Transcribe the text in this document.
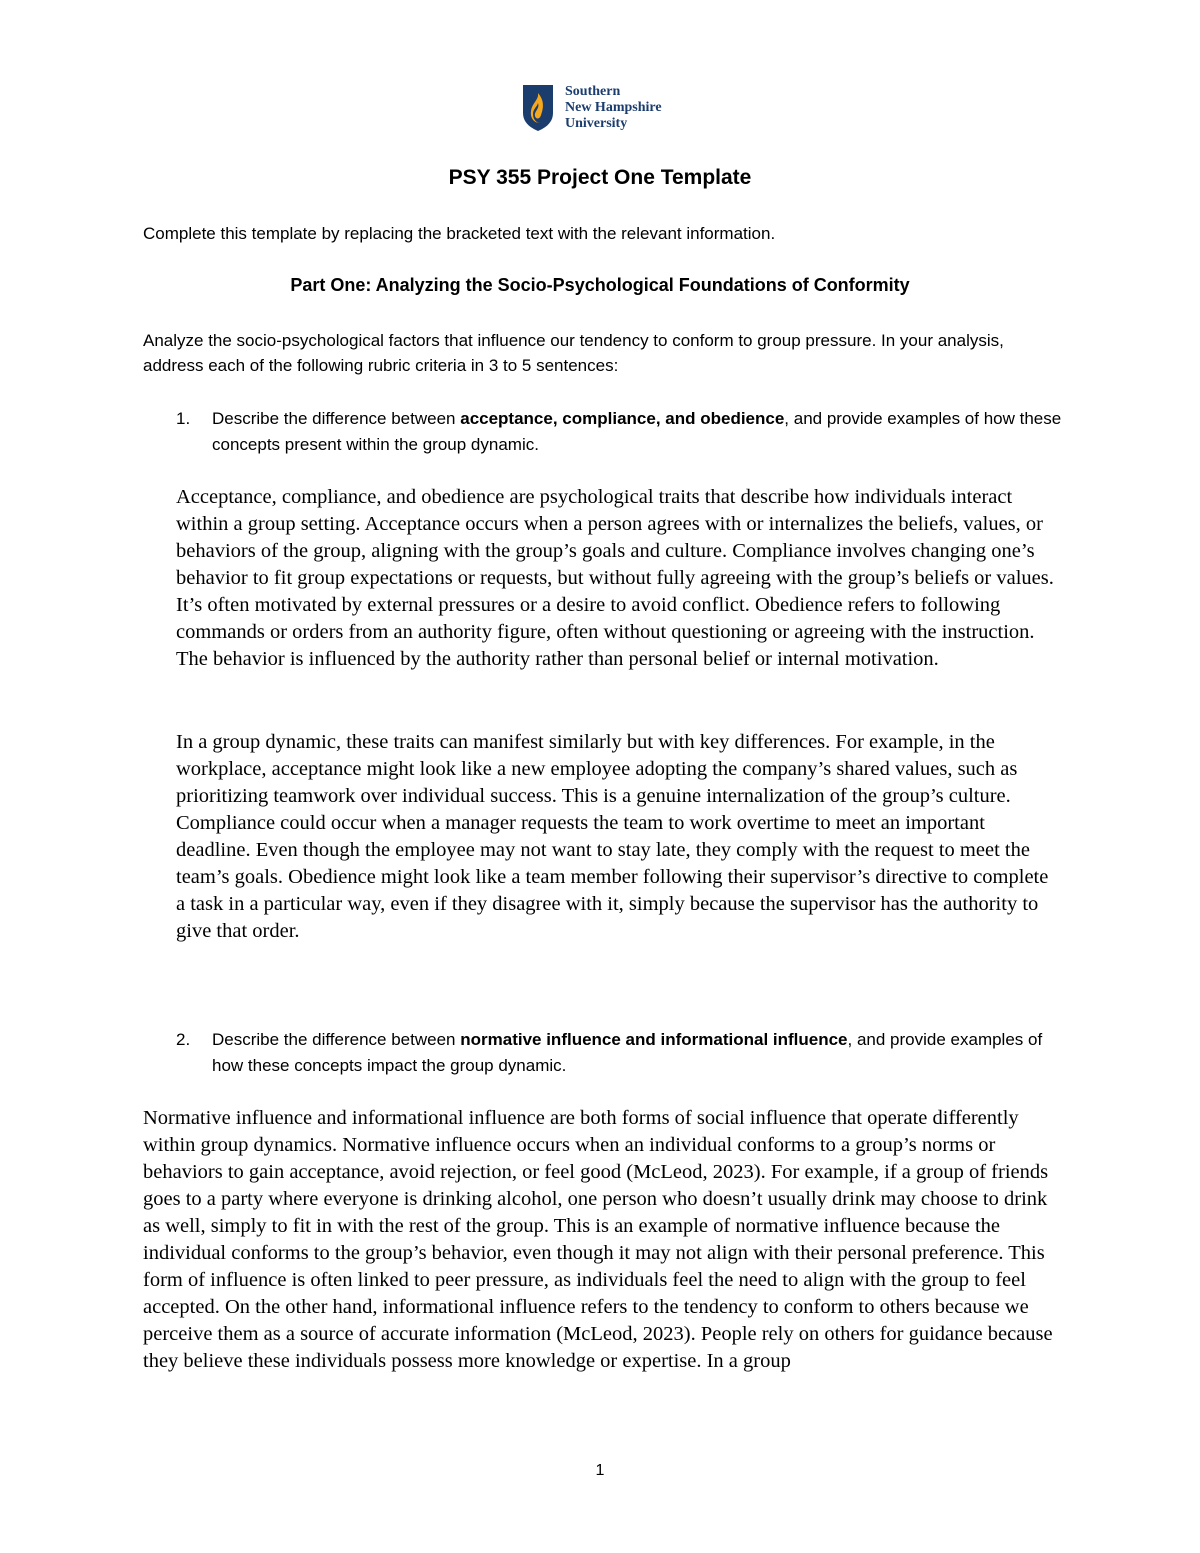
Southern
New Hampshire
University
PSY 355 Project One Template
Complete this template by replacing the bracketed text with the relevant information.
Part One: Analyzing the Socio-Psychological Foundations of Conformity
Analyze the socio-psychological factors that influence our tendency to conform to group pressure. In your analysis, address each of the following rubric criteria in 3 to 5 sentences:
1. Describe the difference between acceptance, compliance, and obedience, and provide examples of how these concepts present within the group dynamic.
Acceptance, compliance, and obedience are psychological traits that describe how individuals interact within a group setting. Acceptance occurs when a person agrees with or internalizes the beliefs, values, or behaviors of the group, aligning with the group’s goals and culture. Compliance involves changing one’s behavior to fit group expectations or requests, but without fully agreeing with the group’s beliefs or values. It’s often motivated by external pressures or a desire to avoid conflict. Obedience refers to following commands or orders from an authority figure, often without questioning or agreeing with the instruction. The behavior is influenced by the authority rather than personal belief or internal motivation.
In a group dynamic, these traits can manifest similarly but with key differences. For example, in the workplace, acceptance might look like a new employee adopting the company’s shared values, such as prioritizing teamwork over individual success. This is a genuine internalization of the group’s culture. Compliance could occur when a manager requests the team to work overtime to meet an important deadline. Even though the employee may not want to stay late, they comply with the request to meet the team’s goals. Obedience might look like a team member following their supervisor’s directive to complete a task in a particular way, even if they disagree with it, simply because the supervisor has the authority to give that order.
2. Describe the difference between normative influence and informational influence, and provide examples of how these concepts impact the group dynamic.
Normative influence and informational influence are both forms of social influence that operate differently within group dynamics. Normative influence occurs when an individual conforms to a group’s norms or behaviors to gain acceptance, avoid rejection, or feel good (McLeod, 2023). For example, if a group of friends goes to a party where everyone is drinking alcohol, one person who doesn’t usually drink may choose to drink as well, simply to fit in with the rest of the group. This is an example of normative influence because the individual conforms to the group’s behavior, even though it may not align with their personal preference. This form of influence is often linked to peer pressure, as individuals feel the need to align with the group to feel accepted. On the other hand, informational influence refers to the tendency to conform to others because we perceive them as a source of accurate information (McLeod, 2023). People rely on others for guidance because they believe these individuals possess more knowledge or expertise. In a group
1
